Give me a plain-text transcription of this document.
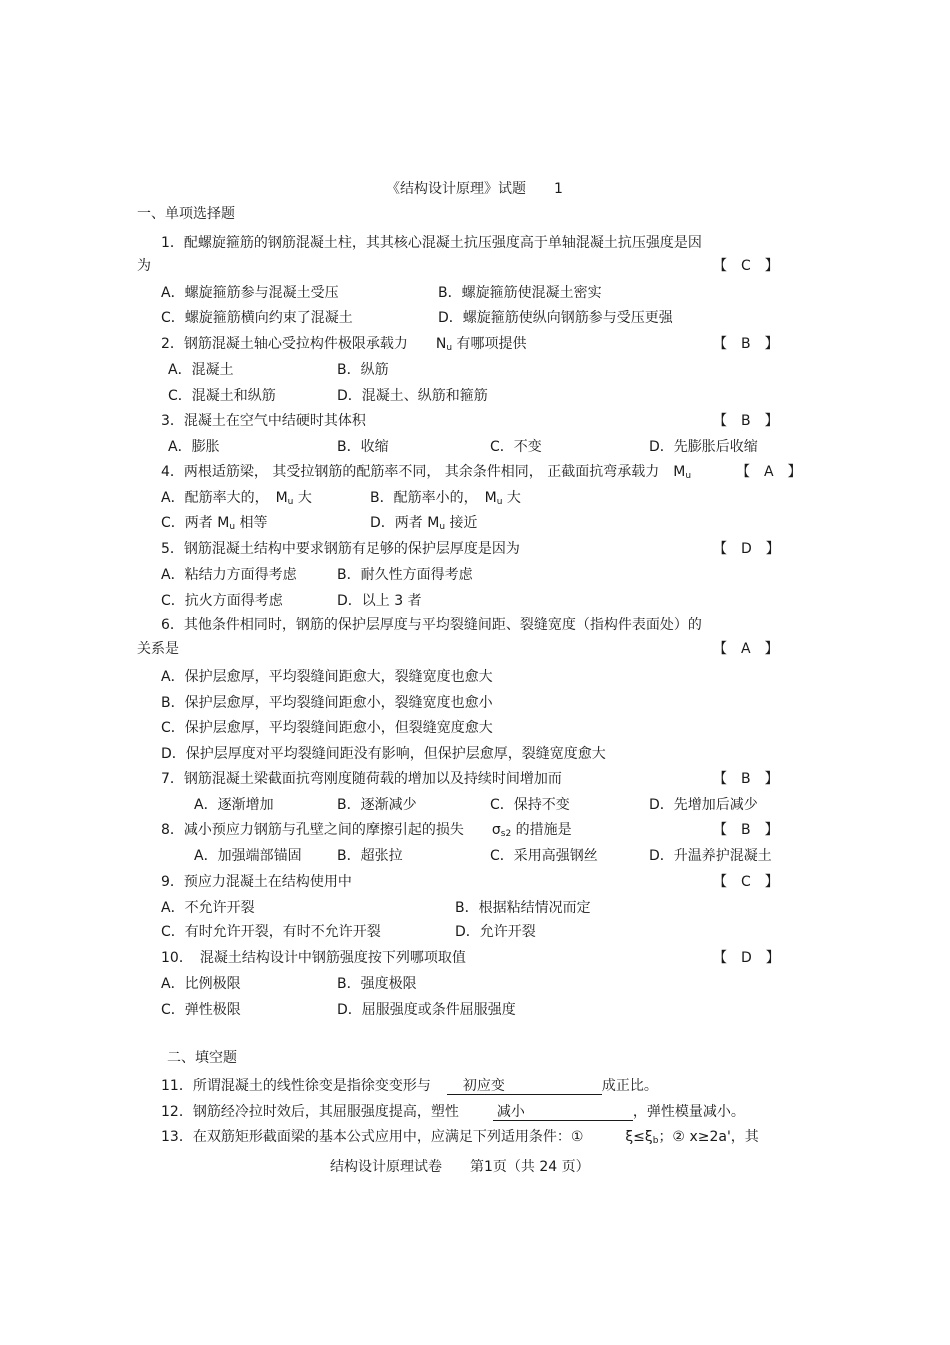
《结构设计原理》试题　　1
一、单项选择题
1．配螺旋箍筋的钢筋混凝土柱，其其核心混凝土抗压强度高于单轴混凝土抗压强度是因
为	【　C　】
A．螺旋箍筋参与混凝土受压	B．螺旋箍筋使混凝土密实
C．螺旋箍筋横向约束了混凝土	D．螺旋箍筋使纵向钢筋参与受压更强
2．钢筋混凝土轴心受拉构件极限承载力　　$N_u$ 有哪项提供	【　B　】
A．混凝土	B．纵筋
C．混凝土和纵筋	D．混凝土、纵筋和箍筋
3．混凝土在空气中结硬时其体积	【　B　】
A．膨胀	B．收缩	C．不变	D．先膨胀后收缩
4．两根适筋梁， 其受拉钢筋的配筋率不同， 其余条件相同， 正截面抗弯承载力　$M_u$	【　A　】
A．配筋率大的，　$M_u$ 大	B．配筋率小的，　$M_u$ 大
C．两者 $M_u$ 相等	D．两者 $M_u$ 接近
5．钢筋混凝土结构中要求钢筋有足够的保护层厚度是因为	【　D　】
A．粘结力方面得考虑	B．耐久性方面得考虑
C．抗火方面得考虑	D．以上 3 者
6．其他条件相同时，钢筋的保护层厚度与平均裂缝间距、裂缝宽度（指构件表面处）的
关系是	【　A　】
A．保护层愈厚，平均裂缝间距愈大，裂缝宽度也愈大
B．保护层愈厚，平均裂缝间距愈小，裂缝宽度也愈小
C．保护层愈厚，平均裂缝间距愈小，但裂缝宽度愈大
D．保护层厚度对平均裂缝间距没有影响，但保护层愈厚，裂缝宽度愈大
7．钢筋混凝土梁截面抗弯刚度随荷载的增加以及持续时间增加而	【　B　】
A．逐渐增加	B．逐渐减少	C．保持不变	D．先增加后减少
8．减小预应力钢筋与孔壁之间的摩擦引起的损失　　$\sigma_{s2}$ 的措施是	【　B　】
A．加强端部锚固	B．超张拉	C．采用高强钢丝	D．升温养护混凝土
9．预应力混凝土在结构使用中	【　C　】
A．不允许开裂	B．根据粘结情况而定
C．有时允许开裂，有时不允许开裂	D．允许开裂
10．　混凝土结构设计中钢筋强度按下列哪项取值	【　D　】
A．比例极限	B．强度极限
C．弹性极限	D．屈服强度或条件屈服强度
二、填空题
11．所谓混凝土的线性徐变是指徐变变形与 初应变	成正比。
12．钢筋经冷拉时效后，其屈服强度提高，塑性	减小	，弹性模量减小。
13．在双筋矩形截面梁的基本公式应用中，应满足下列适用条件：①	$\xi\le\xi_b$；② x≥2a'，其
结构设计原理试卷　　第1页（共 24 页）
